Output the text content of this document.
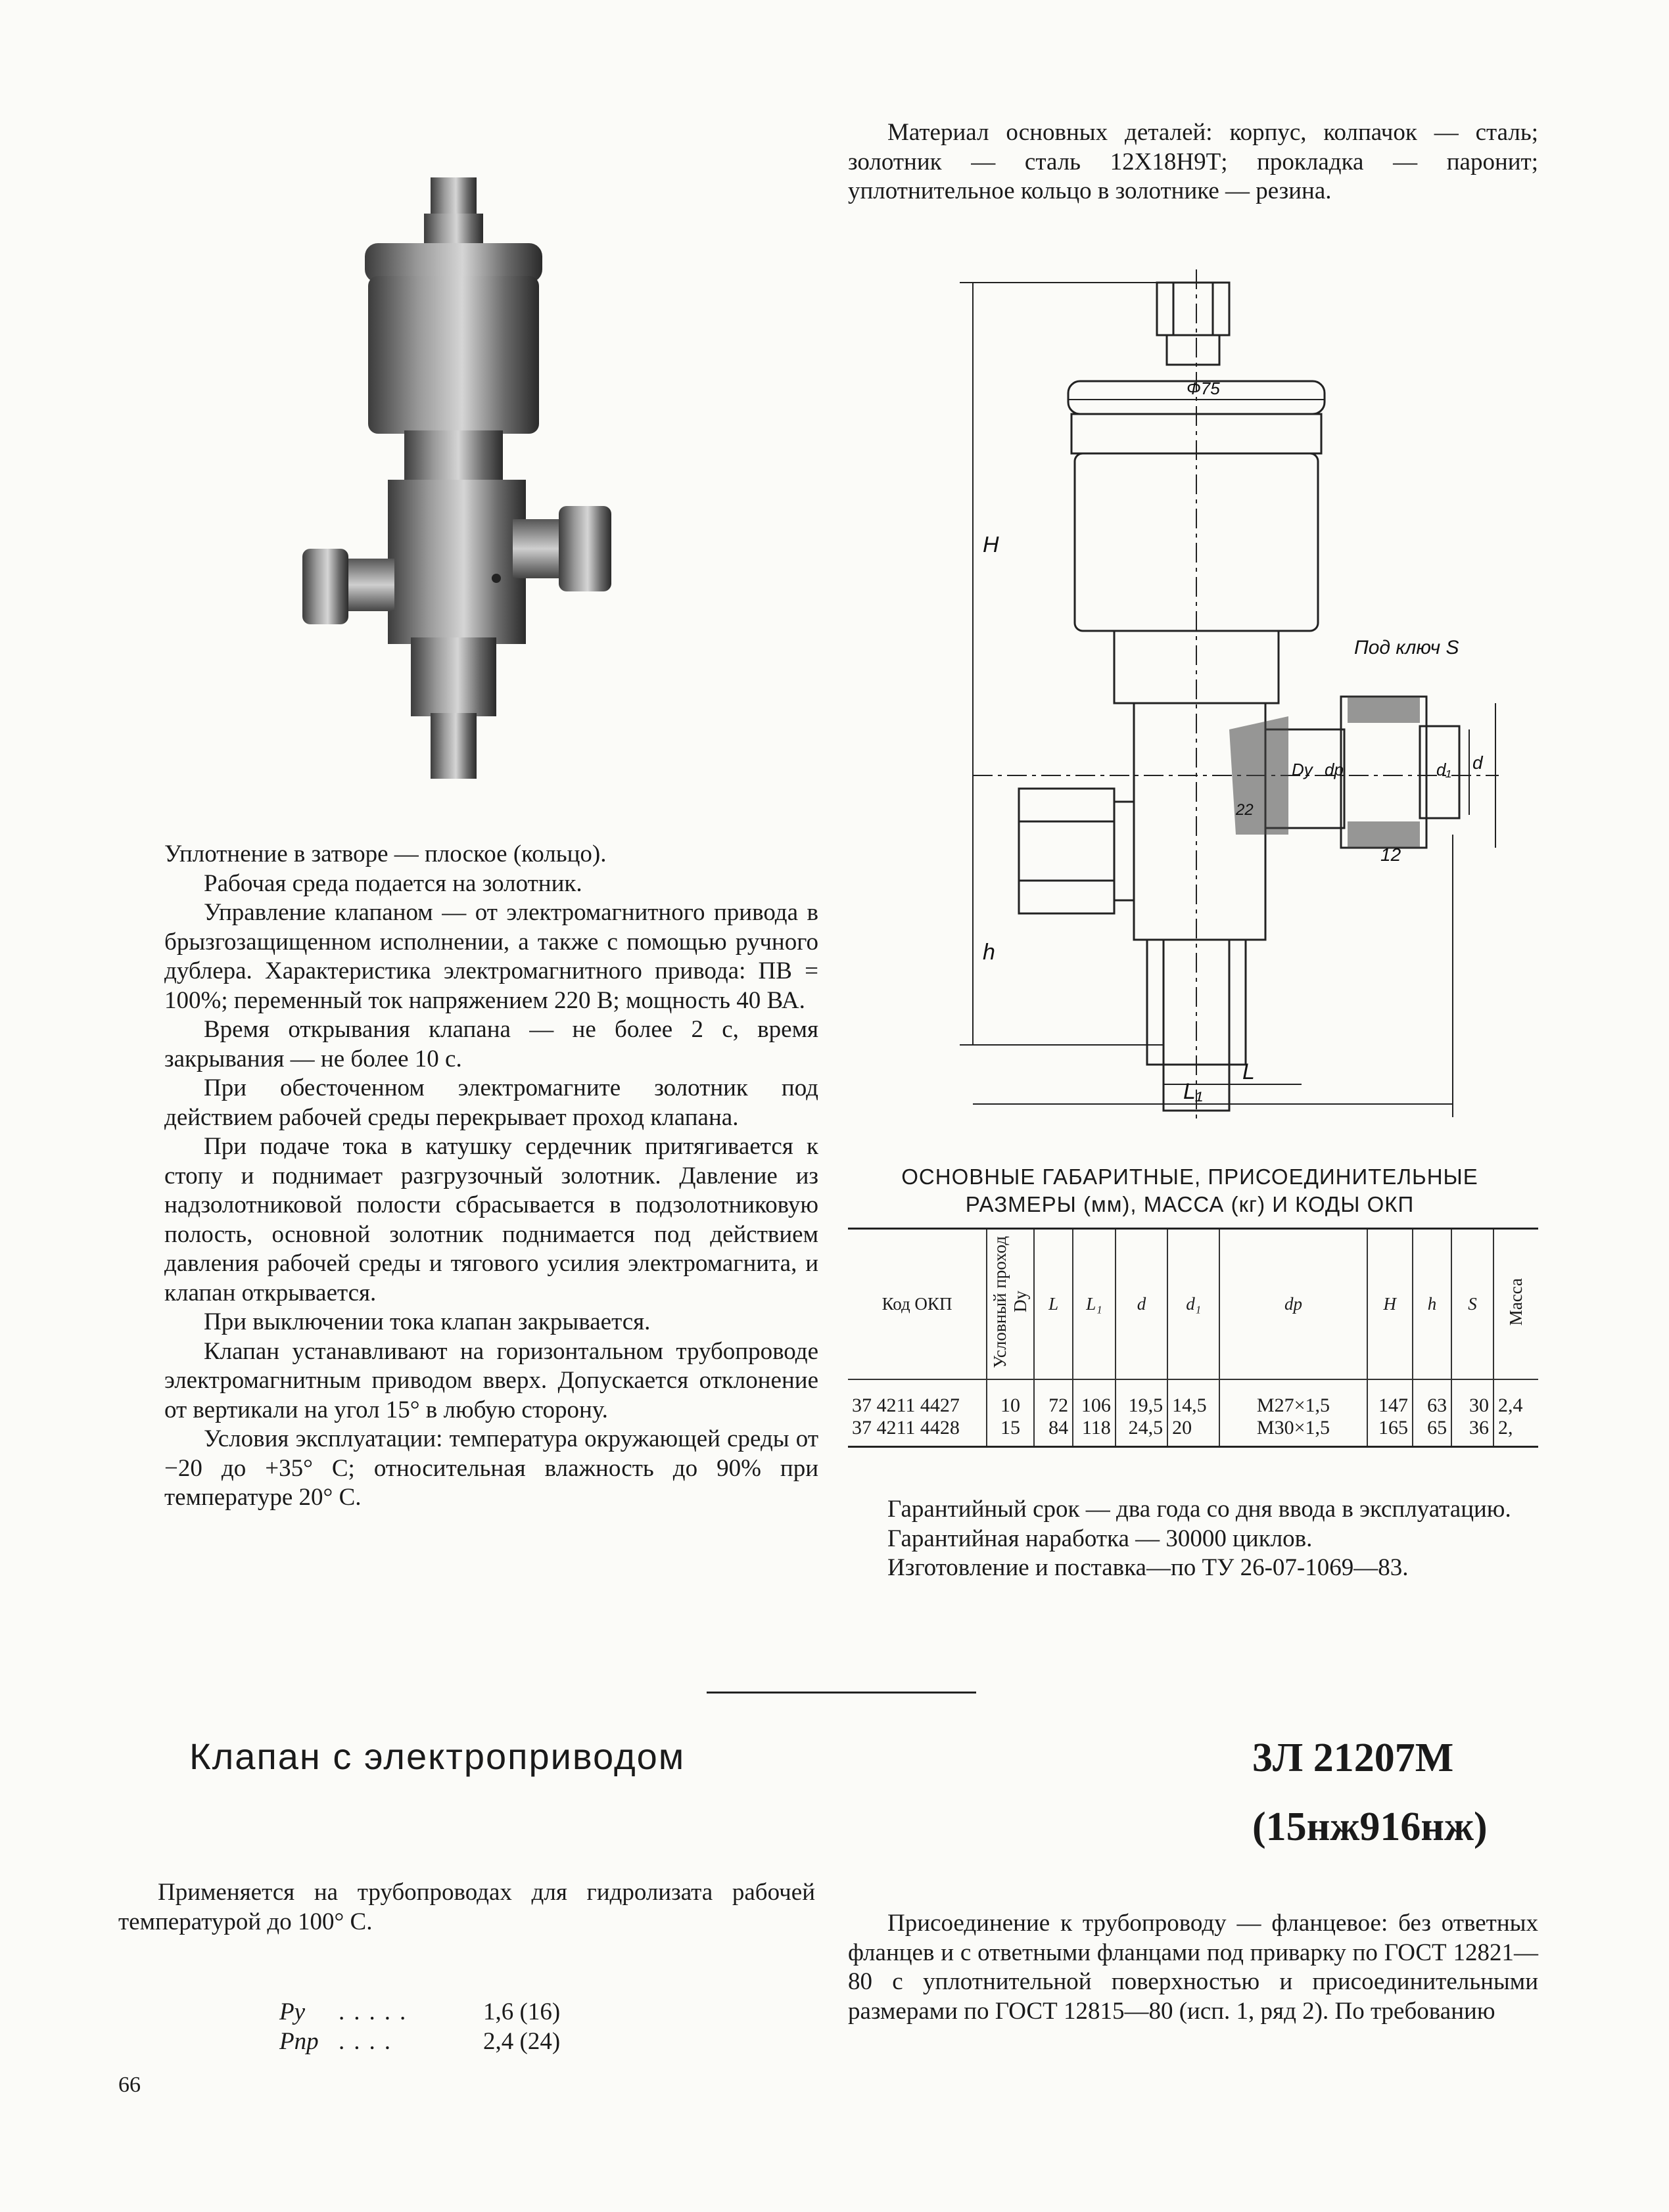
Материал основных деталей: корпус, колпачок — сталь; золотник — сталь 12Х18Н9Т; прокладка — паронит; уплотнительное кольцо в золотнике — резина.

Φ75
H
h
Под ключ S
Dу dр	d₁ d
22
12
L
L₁

Уплотнение в затворе — плоское (кольцо).

Рабочая среда подается на золотник.

Управление клапаном — от электромагнитного привода в брызгозащищенном исполнении, а также с помощью ручного дублера. Характеристика электромагнитного привода: ПВ = 100%; переменный ток напряжением 220 В; мощность 40 ВА.

Время открывания клапана — не более 2 с, время закрывания — не более 10 с.

При обесточенном электромагните золотник под действием рабочей среды перекрывает проход клапана.

При подаче тока в катушку сердечник притягивается к стопу и поднимает разгрузочный золотник. Давление из надзолотниковой полости сбрасывается в подзолотниковую полость, основной золотник поднимается под действием давления рабочей среды и тягового усилия электромагнита, и клапан открывается.

При выключении тока клапан закрывается.

Клапан устанавливают на горизонтальном трубопроводе электромагнитным приводом вверх. Допускается отклонение от вертикали на угол 15° в любую сторону.

Условия эксплуатации: температура окружающей среды от −20 до +35° С; относительная влажность до 90% при температуре 20° С.

ОСНОВНЫЕ ГАБАРИТНЫЕ, ПРИСОЕДИНИТЕЛЬНЫЕ
РАЗМЕРЫ (мм), МАССА (кг) И КОДЫ ОКП
Код ОКП	Условный проход Dу	L	L₁	d	d₁	dр	H	h	S	Масса
37 4211 4427	10	72	106	19,5	14,5	M27×1,5	147	63	30	2,4
37 4211 4428	15	84	118	24,5	20	M30×1,5	165	65	36	2,

Гарантийный срок — два года со дня ввода в эксплуатацию.

Гарантийная наработка — 30000 циклов.

Изготовление и поставка—по ТУ 26-07-1069—83.

Клапан с электроприводом	3Л 21207М
(15нж916нж)

Применяется на трубопроводах для гидролизата рабочей температурой до 100° С.

Pу .....	1,6 (16)
Pпр ....	2,4 (24)

Присоединение к трубопроводу — фланцевое: без ответных фланцев и с ответными фланцами под приварку по ГОСТ 12821—80 с уплотнительной поверхностью и присоединительными размерами по ГОСТ 12815—80 (исп. 1, ряд 2). По требованию

66
